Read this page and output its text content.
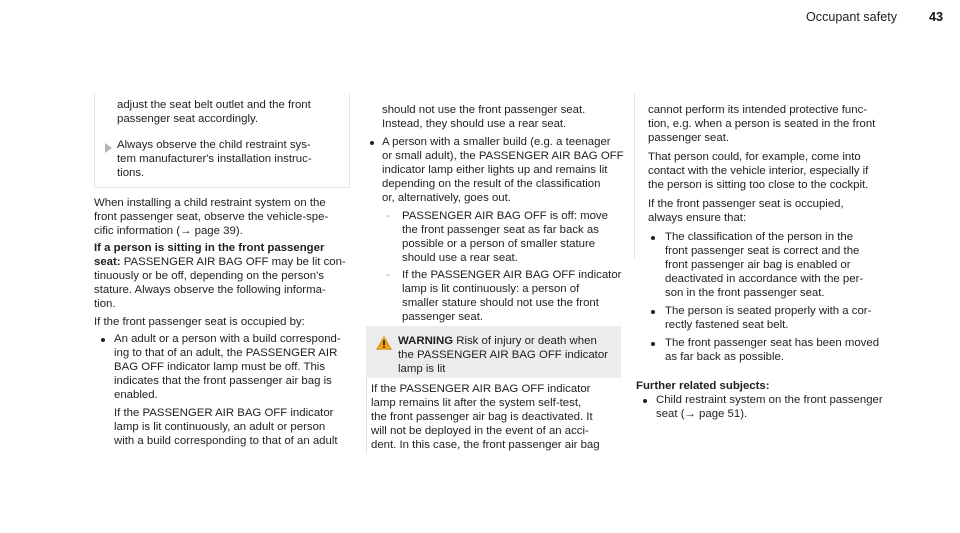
Occupant safety	43
adjust the seat belt outlet and the front
passenger seat accordingly.
Always observe the child restraint sys-
tem manufacturer's installation instruc-
tions.
When installing a child restraint system on the
front passenger seat, observe the vehicle-spe-
cific information (→ page 39).
If a person is sitting in the front passenger
seat: PASSENGER AIR BAG OFF may be lit con-
tinuously or be off, depending on the person's
stature. Always observe the following informa-
tion.
If the front passenger seat is occupied by:
An adult or a person with a build correspond-
ing to that of an adult, the PASSENGER AIR
BAG OFF indicator lamp must be off. This
indicates that the front passenger air bag is
enabled.
If the PASSENGER AIR BAG OFF indicator
lamp is lit continuously, an adult or person
with a build corresponding to that of an adult
should not use the front passenger seat.
Instead, they should use a rear seat.
A person with a smaller build (e.g. a teenager
or small adult), the PASSENGER AIR BAG OFF
indicator lamp either lights up and remains lit
depending on the result of the classification
or, alternatively, goes out.
- PASSENGER AIR BAG OFF is off: move
the front passenger seat as far back as
possible or a person of smaller stature
should use a rear seat.
- If the PASSENGER AIR BAG OFF indicator
lamp is lit continuously: a person of
smaller stature should not use the front
passenger seat.
WARNING Risk of injury or death when
the PASSENGER AIR BAG OFF indicator
lamp is lit
If the PASSENGER AIR BAG OFF indicator
lamp remains lit after the system self-test,
the front passenger air bag is deactivated. It
will not be deployed in the event of an acci-
dent. In this case, the front passenger air bag
cannot perform its intended protective func-
tion, e.g. when a person is seated in the front
passenger seat.
That person could, for example, come into
contact with the vehicle interior, especially if
the person is sitting too close to the cockpit.
If the front passenger seat is occupied,
always ensure that:
The classification of the person in the
front passenger seat is correct and the
front passenger air bag is enabled or
deactivated in accordance with the per-
son in the front passenger seat.
The person is seated properly with a cor-
rectly fastened seat belt.
The front passenger seat has been moved
as far back as possible.
Further related subjects:
Child restraint system on the front passenger
seat (→ page 51).
